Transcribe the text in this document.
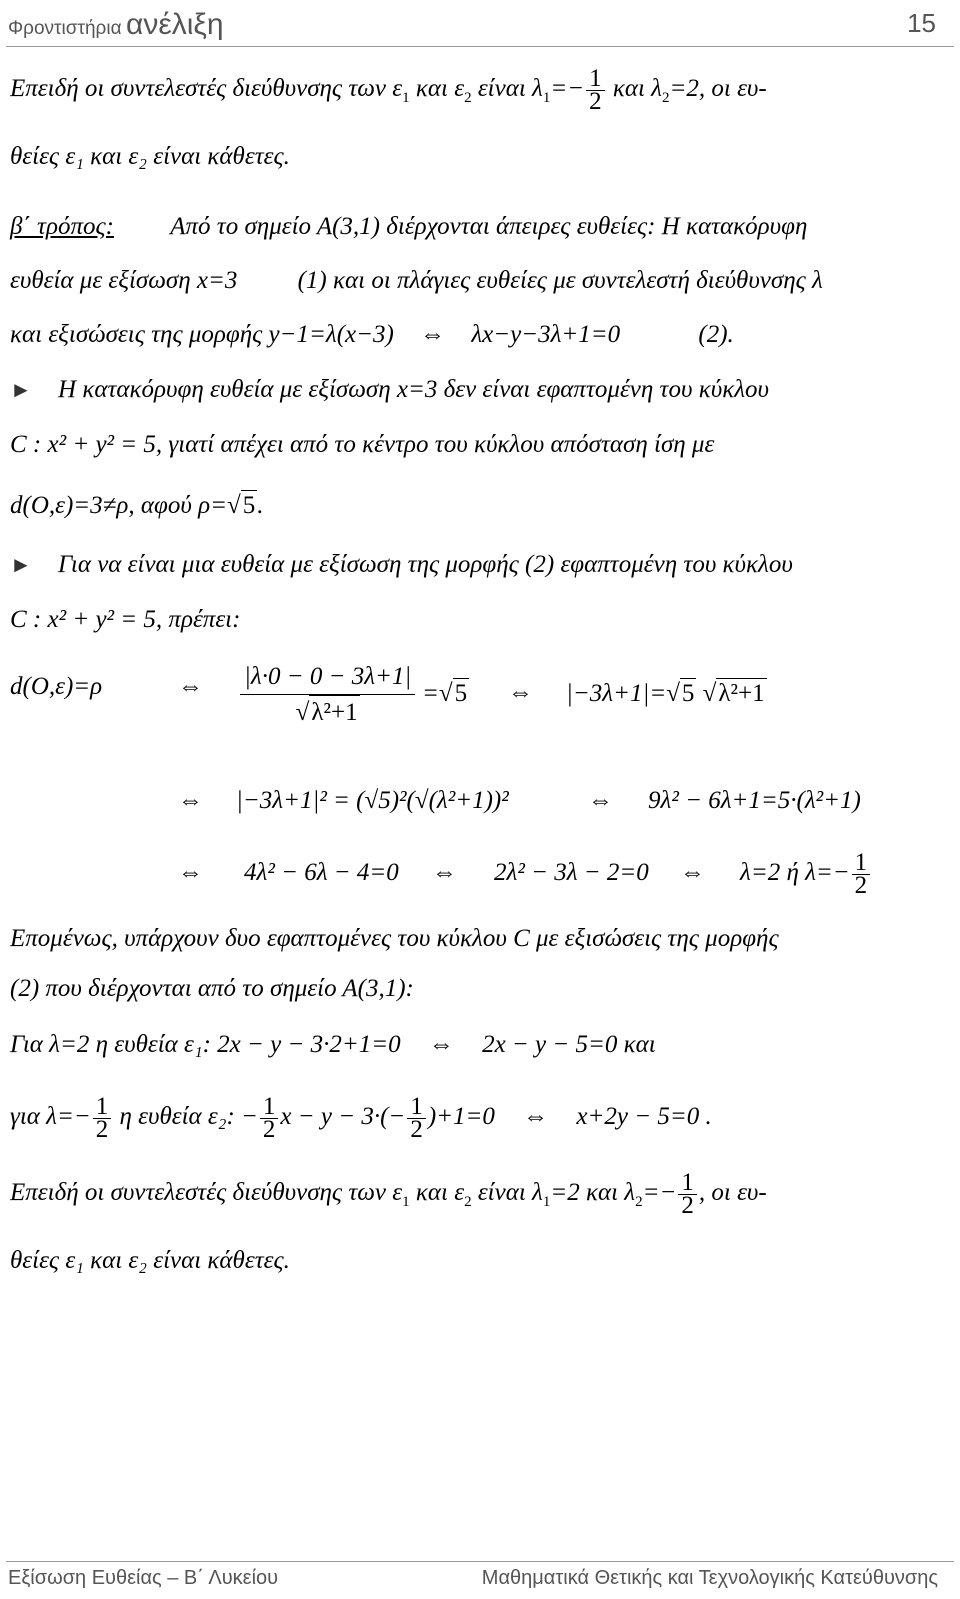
Φροντιστήρια ανέλιξη	15
Επειδή οι συντελεστές διεύθυνσης των $\varepsilon_1$ και $\varepsilon_2$ είναι $\lambda_1=- \frac{1}{2}$ και $\lambda_2=2$, οι ευ-
θείες ε₁ και ε₂ είναι κάθετες.
β΄ τρόπος: Από το σημείο Α(3,1) διέρχονται άπειρες ευθείες: Η κατακόρυφη
ευθεία με εξίσωση x=3 (1) και οι πλάγιες ευθείες με συντελεστή διεύθυνσης λ
και εξισώσεις της μορφής y−1=λ(x−3) ⇔ λx−y−3λ+1=0	(2).
► Η κατακόρυφη ευθεία με εξίσωση x=3 δεν είναι εφαπτομένη του κύκλου
C : x² + y² = 5, γιατί απέχει από το κέντρο του κύκλου απόσταση ίση με
d(O,ε)=3≠ρ, αφού ρ=√5.
► Για να είναι μια ευθεία με εξίσωση της μορφής (2) εφαπτομένη του κύκλου
C : x² + y² = 5, πρέπει:
d(O,ε)=ρ	⇔ $\frac{|\lambda\cdot 0 - 0 - 3\lambda+1|}{\text{√λ²+1}} =√5$ ⇔ |−3λ+1|=√5 √λ²+1
⇔ |−3λ+1|² = (√5)²(√(λ²+1))²	⇔ 9λ² − 6λ+1=5·(λ²+1)
⇔ 4λ² − 6λ − 4=0 ⇔ 2λ² − 3λ − 2=0 ⇔ λ=2 ή $\lambda=- \frac{1}{2}$
Επομένως, υπάρχουν δυο εφαπτομένες του κύκλου C με εξισώσεις της μορφής
(2) που διέρχονται από το σημείο Α(3,1):
Για λ=2 η ευθεία ε₁: 2x − y − 3·2+1=0 ⇔ 2x − y − 5=0 και
για $\lambda=- \frac{1}{2}$ η ευθεία ε₂: − $\frac{1}{2}$ $x - y - 3\cdot(- \frac{1}{2} )+1=0$ ⇔ x+2y − 5=0 .
Επειδή οι συντελεστές διεύθυνσης των $\varepsilon_1$ και $\varepsilon_2$ είναι $\lambda_1=2$ και $\lambda_2=- \frac{1}{2}$ , οι ευ-
θείες ε₁ και ε₂ είναι κάθετες.
Εξίσωση Ευθείας – Β΄ Λυκείου	Μαθηματικά Θετικής και Τεχνολογικής Κατεύθυνσης
